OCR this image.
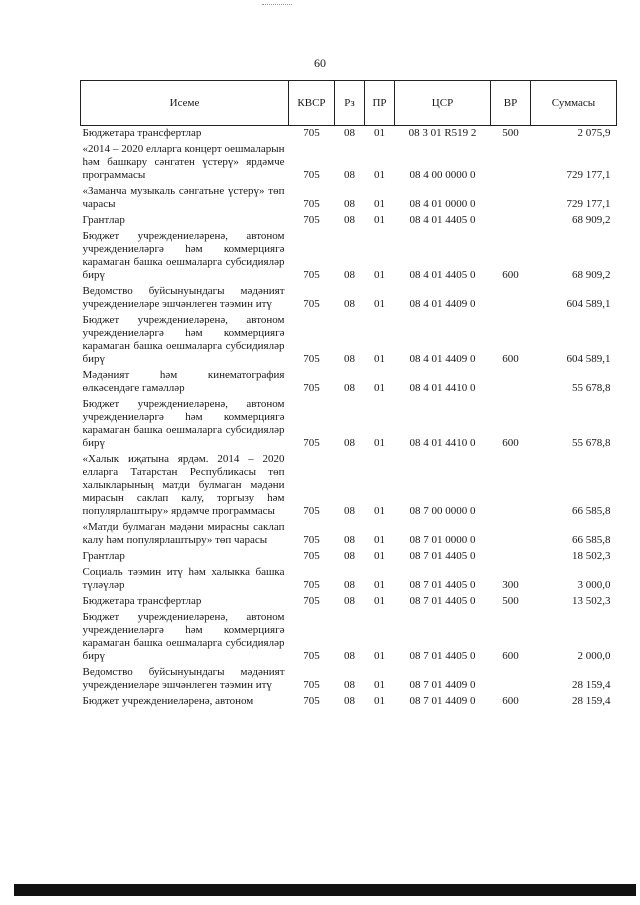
60
Исеме	КВСР	Рз	ПР	ЦСР	ВР	Суммасы
Бюджетара трансфертлар	705	08	01	08 3 01 R519 2	500	2 075,9
«2014 – 2020 елларга концерт оешмаларын һәм башкару сәнгатен үстерү» ярдәмче программасы	705	08	01	08 4 00 0000 0		729 177,1
«Заманча музыкаль сәнгатьне үстерү» төп чарасы	705	08	01	08 4 01 0000 0		729 177,1
Грантлар	705	08	01	08 4 01 4405 0		68 909,2
Бюджет учреждениеләренә, автоном учреждениеләргә һәм коммерциягә карамаган башка оешмаларга субсидияләр бирү	705	08	01	08 4 01 4405 0	600	68 909,2
Ведомство буйсынуындагы мәдәният учреждениеләре эшчәнлеген тәэмин итү	705	08	01	08 4 01 4409 0		604 589,1
Бюджет учреждениеләренә, автоном учреждениеләргә һәм коммерциягә карамаган башка оешмаларга субсидияләр бирү	705	08	01	08 4 01 4409 0	600	604 589,1
Мәдәният һәм кинематография өлкәсендәге гамәлләр	705	08	01	08 4 01 4410 0		55 678,8
Бюджет учреждениеләренә, автоном учреждениеләргә һәм коммерциягә карамаган башка оешмаларга субсидияләр бирү	705	08	01	08 4 01 4410 0	600	55 678,8
«Халык иҗатына ярдәм. 2014 – 2020 елларга Татарстан Республикасы төп халыкларының матди булмаган мәдәни мирасын саклап калу, торгызу һәм популярлаштыру» ярдәмче программасы	705	08	01	08 7 00 0000 0		66 585,8
«Матди булмаган мәдәни мирасны саклап калу һәм популярлаштыру» төп чарасы	705	08	01	08 7 01 0000 0		66 585,8
Грантлар	705	08	01	08 7 01 4405 0		18 502,3
Социаль тәэмин итү һәм халыкка башка түләүләр	705	08	01	08 7 01 4405 0	300	3 000,0
Бюджетара трансфертлар	705	08	01	08 7 01 4405 0	500	13 502,3
Бюджет учреждениеләренә, автоном учреждениеләргә һәм коммерциягә карамаган башка оешмаларга субсидияләр бирү	705	08	01	08 7 01 4405 0	600	2 000,0
Ведомство буйсынуындагы мәдәният учреждениеләре эшчәнлеген тәэмин итү	705	08	01	08 7 01 4409 0		28 159,4
Бюджет учреждениеләренә, автоном	705	08	01	08 7 01 4409 0	600	28 159,4
